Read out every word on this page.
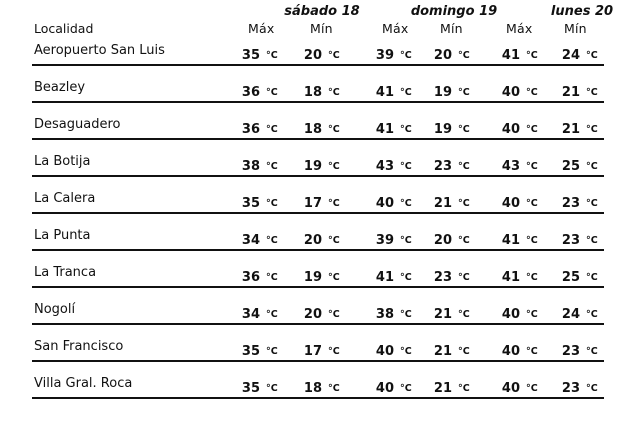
Localidad
sábado 18	domingo 19	lunes 20
Máx	Mín	Máx	Mín	Máx	Mín
Aeropuerto San Luis	35 °C 20 °C	39 °C 20 °C 41 °C 24 °C
Beazley	36 °C 18 °C	41 °C 19 °C 40 °C 21 °C
Desaguadero	36 °C 18 °C	41 °C 19 °C 40 °C 21 °C
La Botija	38 °C 19 °C	43 °C 23 °C 43 °C 25 °C
La Calera	35 °C 17 °C	40 °C 21 °C 40 °C 23 °C
La Punta	34 °C 20 °C	39 °C 20 °C 41 °C 23 °C
La Tranca	36 °C 19 °C	41 °C 23 °C 41 °C 25 °C
Nogolí	34 °C 20 °C	38 °C 21 °C 40 °C 24 °C
San Francisco	35 °C 17 °C	40 °C 21 °C 40 °C 23 °C
Villa Gral. Roca	35 °C 18 °C	40 °C 21 °C 40 °C 23 °C
